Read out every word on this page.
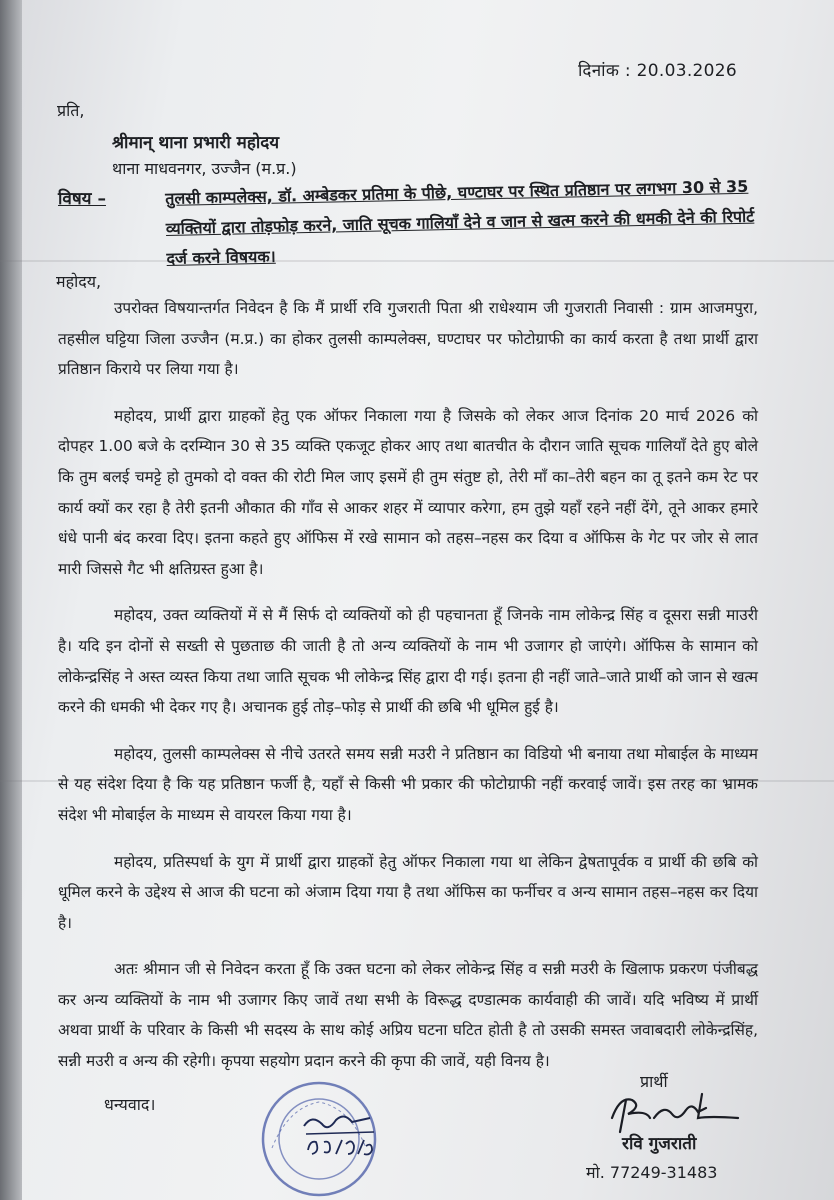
दिनांक : 20.03.2026
प्रति,
श्रीमान् थाना प्रभारी महोदय
थाना माधवनगर, उज्जैन (म.प्र.)
विषय –	तुलसी काम्पलेक्स, डॉ. अम्बेडकर प्रतिमा के पीछे, घण्टाघर पर स्थित प्रतिष्ठान पर लगभग 30 से 35 व्यक्तियों द्वारा तोड़फोड़ करने, जाति सूचक गालियाँ देने व जान से खत्म करने की धमकी देने की रिपोर्ट दर्ज करने विषयक।
महोदय,

उपरोक्त विषयान्तर्गत निवेदन है कि मैं प्रार्थी रवि गुजराती पिता श्री राधेश्याम जी गुजराती निवासी : ग्राम आजमपुरा, तहसील घट्टिया जिला उज्जैन (म.प्र.) का होकर तुलसी काम्पलेक्स, घण्टाघर पर फोटोग्राफी का कार्य करता है तथा प्रार्थी द्वारा प्रतिष्ठान किराये पर लिया गया है।

महोदय, प्रार्थी द्वारा ग्राहकों हेतु एक ऑफर निकाला गया है जिसके को लेकर आज दिनांक 20 मार्च 2026 को दोपहर 1.00 बजे के दरम्यिान 30 से 35 व्यक्ति एकजूट होकर आए तथा बातचीत के दौरान जाति सूचक गालियाँ देते हुए बोले कि तुम बलई चमट्टे हो तुमको दो वक्त की रोटी मिल जाए इसमें ही तुम संतुष्ट हो, तेरी माँ का–तेरी बहन का तू इतने कम रेट पर कार्य क्यों कर रहा है तेरी इतनी औकात की गाँव से आकर शहर में व्यापार करेगा, हम तुझे यहाँ रहने नहीं देंगे, तूने आकर हमारे धंधे पानी बंद करवा दिए। इतना कहते हुए ऑफिस में रखे सामान को तहस–नहस कर दिया व ऑफिस के गेट पर जोर से लात मारी जिससे गैट भी क्षतिग्रस्त हुआ है।

महोदय, उक्त व्यक्तियों में से मैं सिर्फ दो व्यक्तियों को ही पहचानता हूँ जिनके नाम लोकेन्द्र सिंह व दूसरा सन्नी माउरी है। यदि इन दोनों से सख्ती से पुछताछ की जाती है तो अन्य व्यक्तियों के नाम भी उजागर हो जाएंगे। ऑफिस के सामान को लोकेन्द्रसिंह ने अस्त व्यस्त किया तथा जाति सूचक भी लोकेन्द्र सिंह द्वारा दी गई। इतना ही नहीं जाते–जाते प्रार्थी को जान से खत्म करने की धमकी भी देकर गए है। अचानक हुई तोड़–फोड़ से प्रार्थी की छबि भी धूमिल हुई है।

महोदय, तुलसी काम्पलेक्स से नीचे उतरते समय सन्नी मउरी ने प्रतिष्ठान का विडियो भी बनाया तथा मोबाईल के माध्यम से यह संदेश दिया है कि यह प्रतिष्ठान फर्जी है, यहाँ से किसी भी प्रकार की फोटोग्राफी नहीं करवाई जावें। इस तरह का भ्रामक संदेश भी मोबाईल के माध्यम से वायरल किया गया है।

महोदय, प्रतिस्पर्धा के युग में प्रार्थी द्वारा ग्राहकों हेतु ऑफर निकाला गया था लेकिन द्वेषतापूर्वक व प्रार्थी की छबि को धूमिल करने के उद्देश्य से आज की घटना को अंजाम दिया गया है तथा ऑफिस का फर्नीचर व अन्य सामान तहस–नहस कर दिया है।

अतः श्रीमान जी से निवेदन करता हूँ कि उक्त घटना को लेकर लोकेन्द्र सिंह व सन्नी मउरी के खिलाफ प्रकरण पंजीबद्ध कर अन्य व्यक्तियों के नाम भी उजागर किए जावें तथा सभी के विरूद्ध दण्डात्मक कार्यवाही की जावें। यदि भविष्य में प्रार्थी अथवा प्रार्थी के परिवार के किसी भी सदस्य के साथ कोई अप्रिय घटना घटित होती है तो उसकी समस्त जवाबदारी लोकेन्द्रसिंह, सन्नी मउरी व अन्य की रहेगी। कृपया सहयोग प्रदान करने की कृपा की जावें, यही विनय है।

धन्यवाद।
प्रार्थी
रवि गुजराती
मो. 77249-31483
